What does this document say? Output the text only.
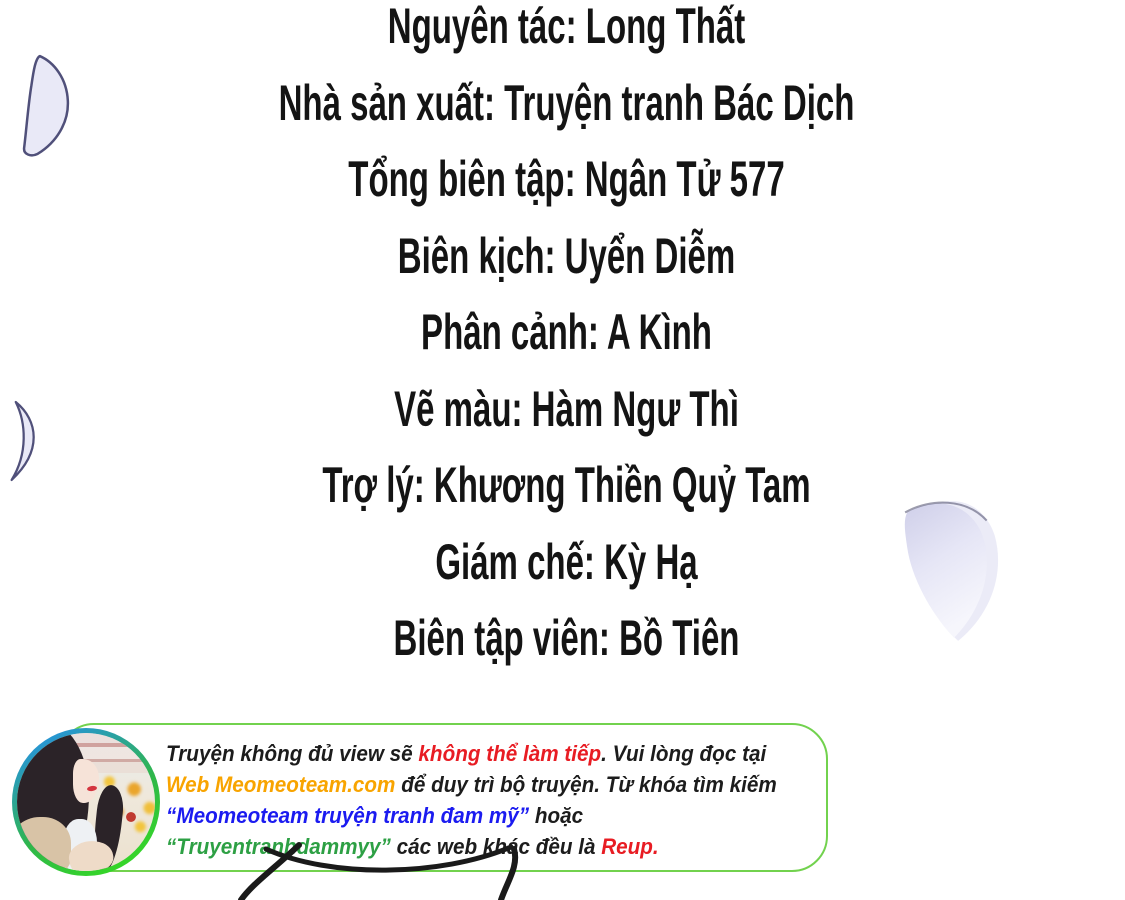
Nguyên tác: Long Thất
Nhà sản xuất: Truyện tranh Bác Dịch
Tổng biên tập: Ngân Tử 577
Biên kịch: Uyển Diễm
Phân cảnh: A Kình
Vẽ màu: Hàm Ngư Thì
Trợ lý: Khương Thiền Quỷ Tam
Giám chế: Kỳ Hạ
Biên tập viên: Bồ Tiên
Truyện không đủ view sẽ không thể làm tiếp. Vui lòng đọc tại
Web Meomeoteam.com để duy trì bộ truyện. Từ khóa tìm kiếm
“Meomeoteam truyện tranh đam mỹ” hoặc
“Truyentranhdammyy” các web khác đều là Reup.
